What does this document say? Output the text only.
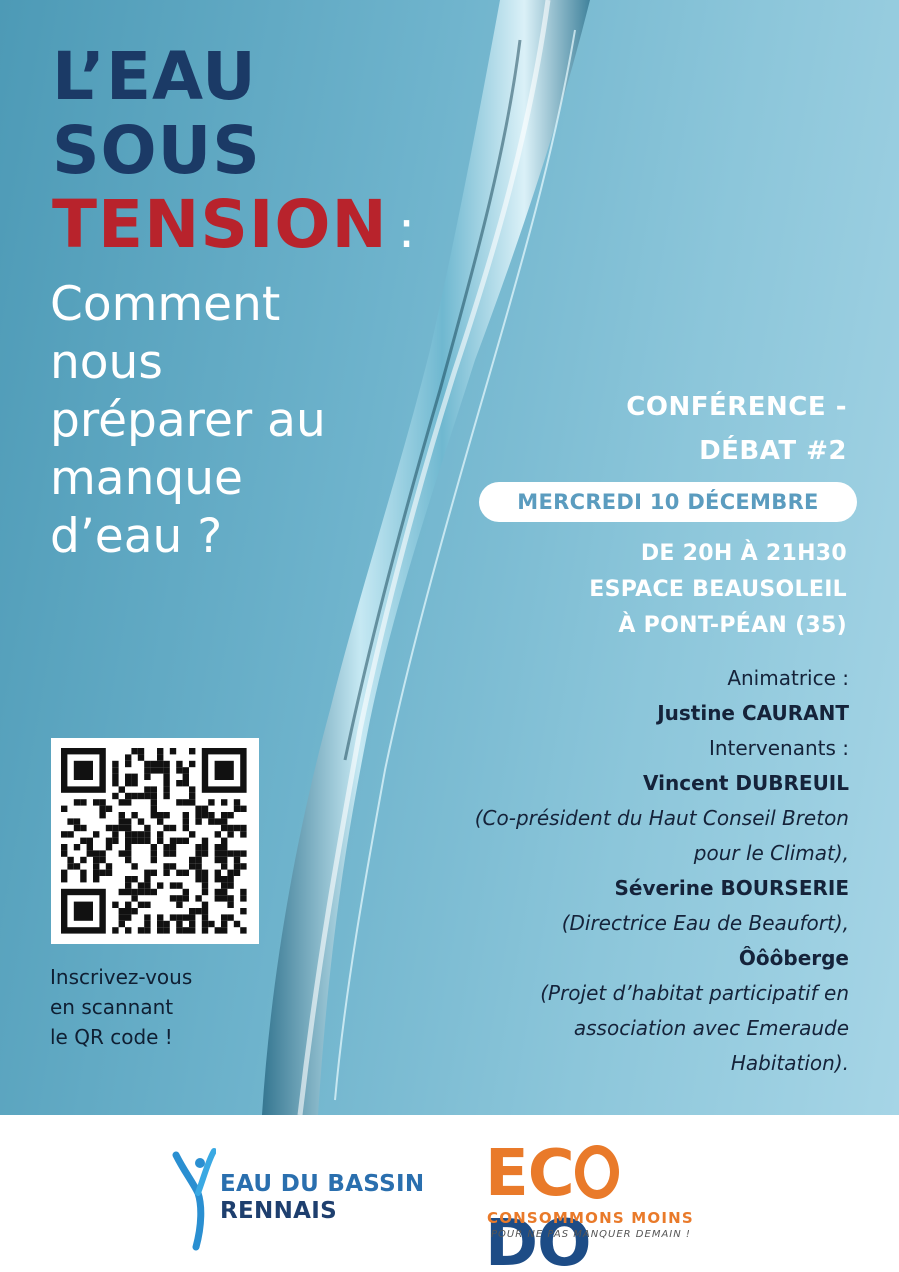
L’EAU
SOUS
TENSION :
Comment
nous
préparer au
manque
d’eau ?
CONFÉRENCE -
DÉBAT #2
MERCREDI 10 DÉCEMBRE
DE 20H À 21H30
ESPACE BEAUSOLEIL
À PONT-PÉAN (35)
Animatrice :
Justine CAURANT
Intervenants :
Vincent DUBREUIL
(Co-président du Haut Conseil Breton
pour le Climat),
Séverine BOURSERIE
(Directrice Eau de Beaufort),
Ôôôberge
(Projet d’habitat participatif en
association avec Emeraude
Habitation).
Inscrivez-vous
en scannant
le QR code !
EAU DU BASSIN
RENNAIS	ECDO
CONSOMMONS MOINS
POUR NE PAS MANQUER DEMAIN !
